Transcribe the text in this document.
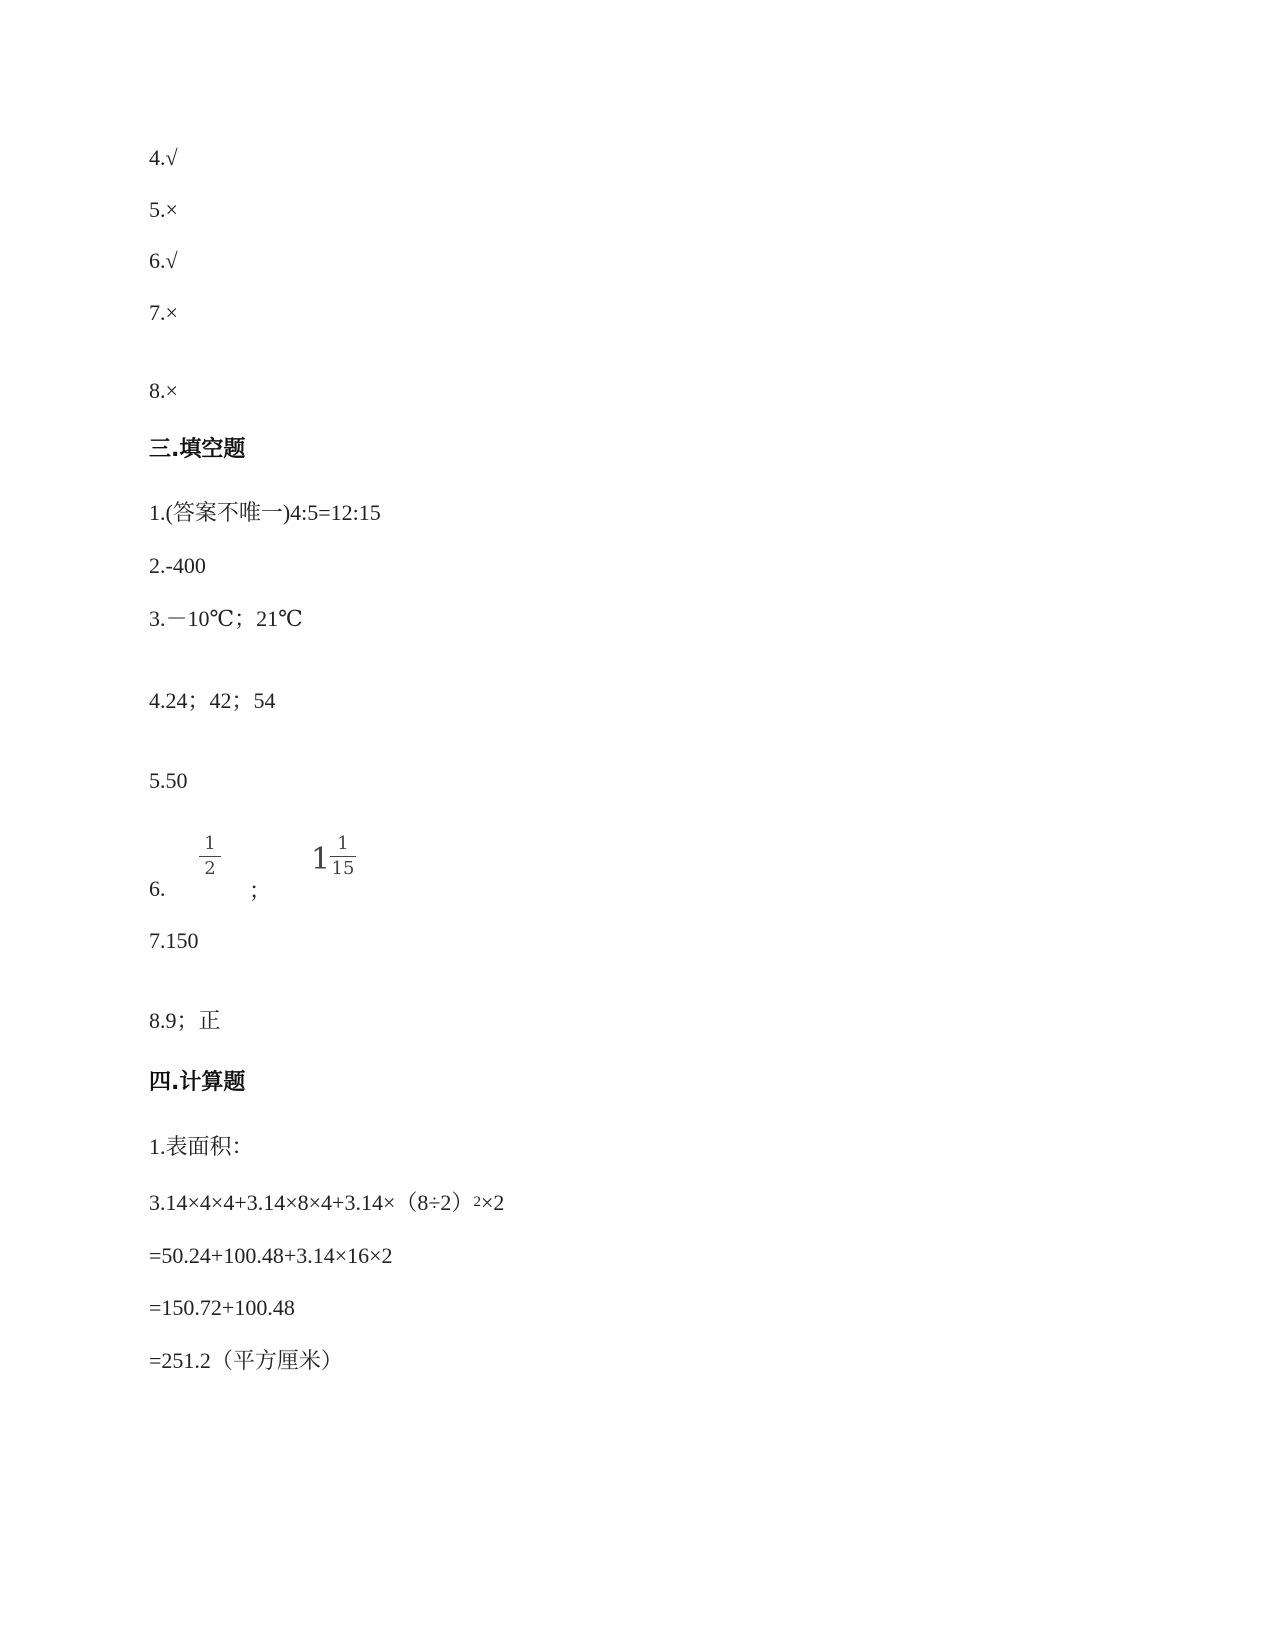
4.√
5.×
6.√
7.×
8.×
三.填空题
1.(答案不唯一)4:5=12:15
2.-400
3.－10℃；21℃
4.24；42；54
5.50
6.
1
2
；
1 1
15
7.150
8.9；正
四.计算题
1.表面积：
$3.14\times 4\times 4+3.14\times 8\times 4+3.14\times(8\div 2)^2\times 2$
=50.24+100.48+3.14×16×2
=150.72+100.48
=251.2（平方厘米）
